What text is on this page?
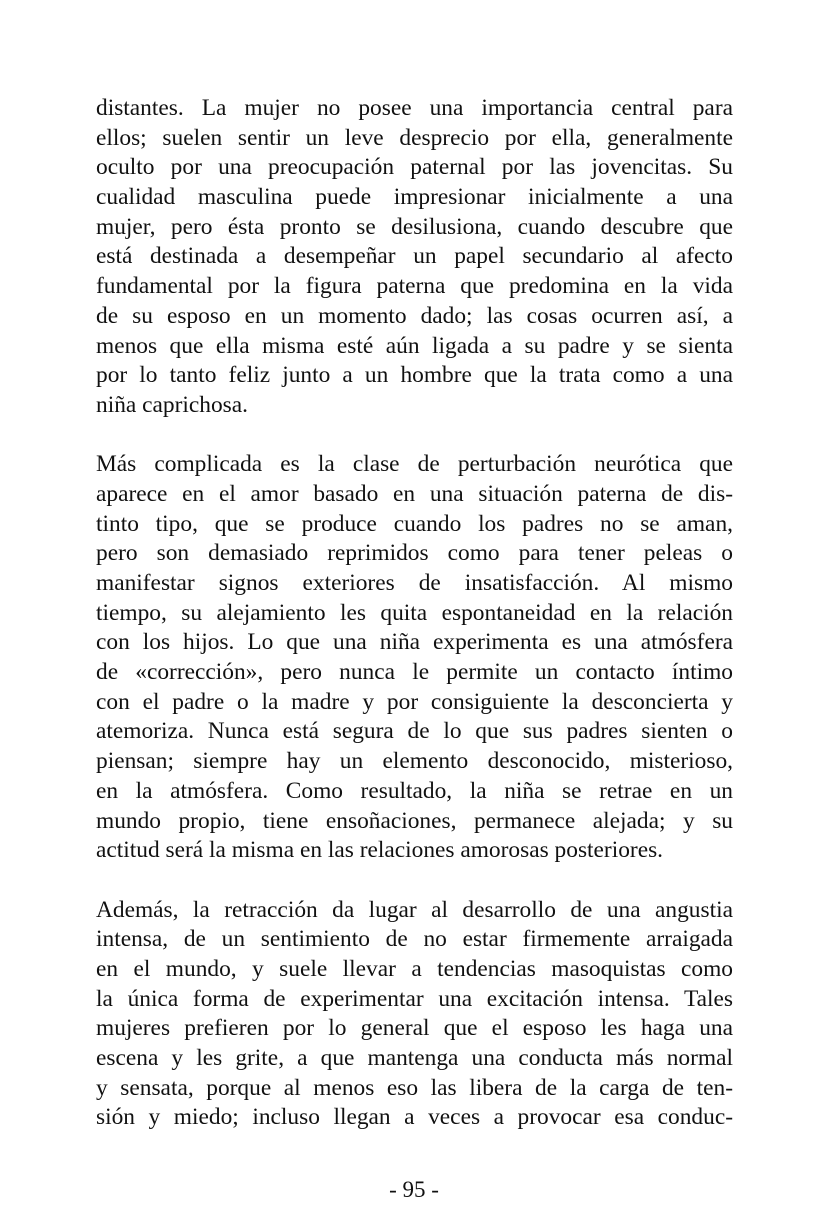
distantes. La mujer no posee una importancia central para
ellos; suelen sentir un leve desprecio por ella, generalmente
oculto por una preocupación paternal por las jovencitas. Su
cualidad masculina puede impresionar inicialmente a una
mujer, pero ésta pronto se desilusiona, cuando descubre que
está destinada a desempeñar un papel secundario al afecto
fundamental por la figura paterna que predomina en la vida
de su esposo en un momento dado; las cosas ocurren así, a
menos que ella misma esté aún ligada a su padre y se sienta
por lo tanto feliz junto a un hombre que la trata como a una
niña caprichosa.
Más complicada es la clase de perturbación neurótica que
aparece en el amor basado en una situación paterna de dis-
tinto tipo, que se produce cuando los padres no se aman,
pero son demasiado reprimidos como para tener peleas o
manifestar signos exteriores de insatisfacción. Al mismo
tiempo, su alejamiento les quita espontaneidad en la relación
con los hijos. Lo que una niña experimenta es una atmósfera
de «corrección», pero nunca le permite un contacto íntimo
con el padre o la madre y por consiguiente la desconcierta y
atemoriza. Nunca está segura de lo que sus padres sienten o
piensan; siempre hay un elemento desconocido, misterioso,
en la atmósfera. Como resultado, la niña se retrae en un
mundo propio, tiene ensoñaciones, permanece alejada; y su
actitud será la misma en las relaciones amorosas posteriores.
Además, la retracción da lugar al desarrollo de una angustia
intensa, de un sentimiento de no estar firmemente arraigada
en el mundo, y suele llevar a tendencias masoquistas como
la única forma de experimentar una excitación intensa. Tales
mujeres prefieren por lo general que el esposo les haga una
escena y les grite, a que mantenga una conducta más normal
y sensata, porque al menos eso las libera de la carga de ten-
sión y miedo; incluso llegan a veces a provocar esa conduc-
- 95 -
